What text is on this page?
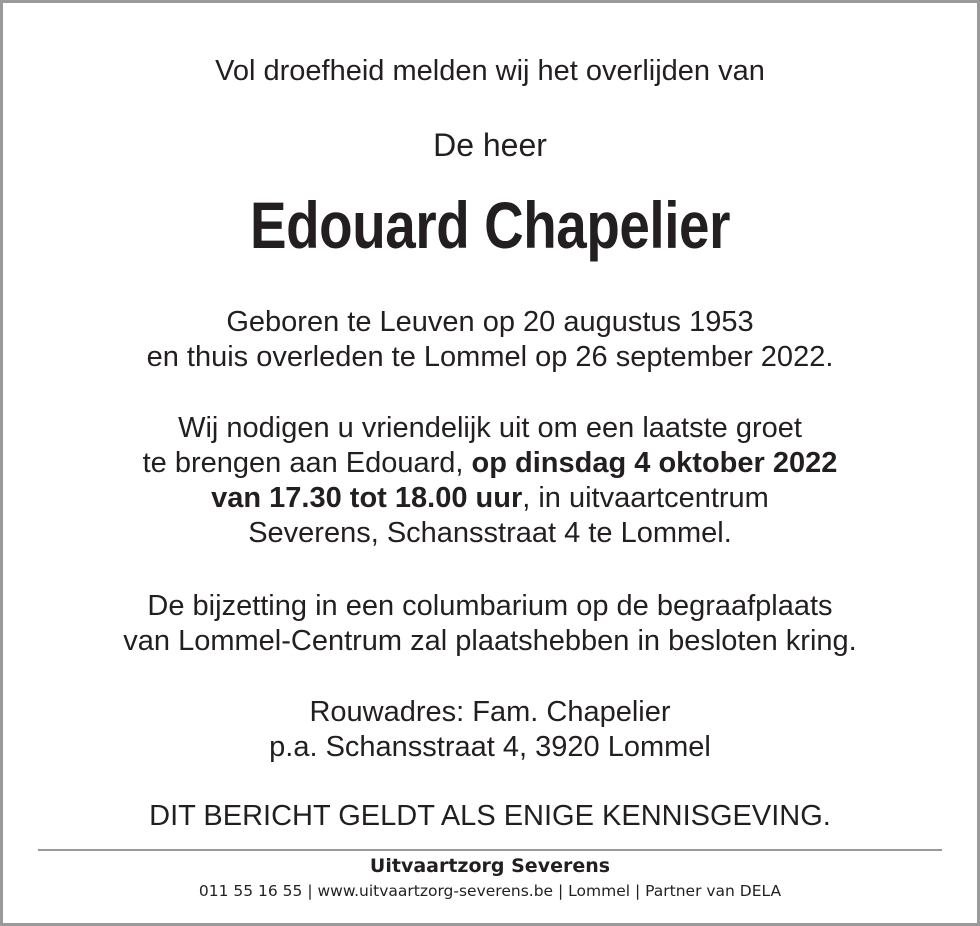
Vol droefheid melden wij het overlijden van
De heer
Edouard Chapelier
Geboren te Leuven op 20 augustus 1953
en thuis overleden te Lommel op 26 september 2022.
Wij nodigen u vriendelijk uit om een laatste groet
te brengen aan Edouard, op dinsdag 4 oktober 2022
van 17.30 tot 18.00 uur, in uitvaartcentrum
Severens, Schansstraat 4 te Lommel.
De bijzetting in een columbarium op de begraafplaats
van Lommel-Centrum zal plaatshebben in besloten kring.
Rouwadres: Fam. Chapelier
p.a. Schansstraat 4, 3920 Lommel
DIT BERICHT GELDT ALS ENIGE KENNISGEVING.
Uitvaartzorg Severens
011 55 16 55 | www.uitvaartzorg-severens.be | Lommel | Partner van DELA
